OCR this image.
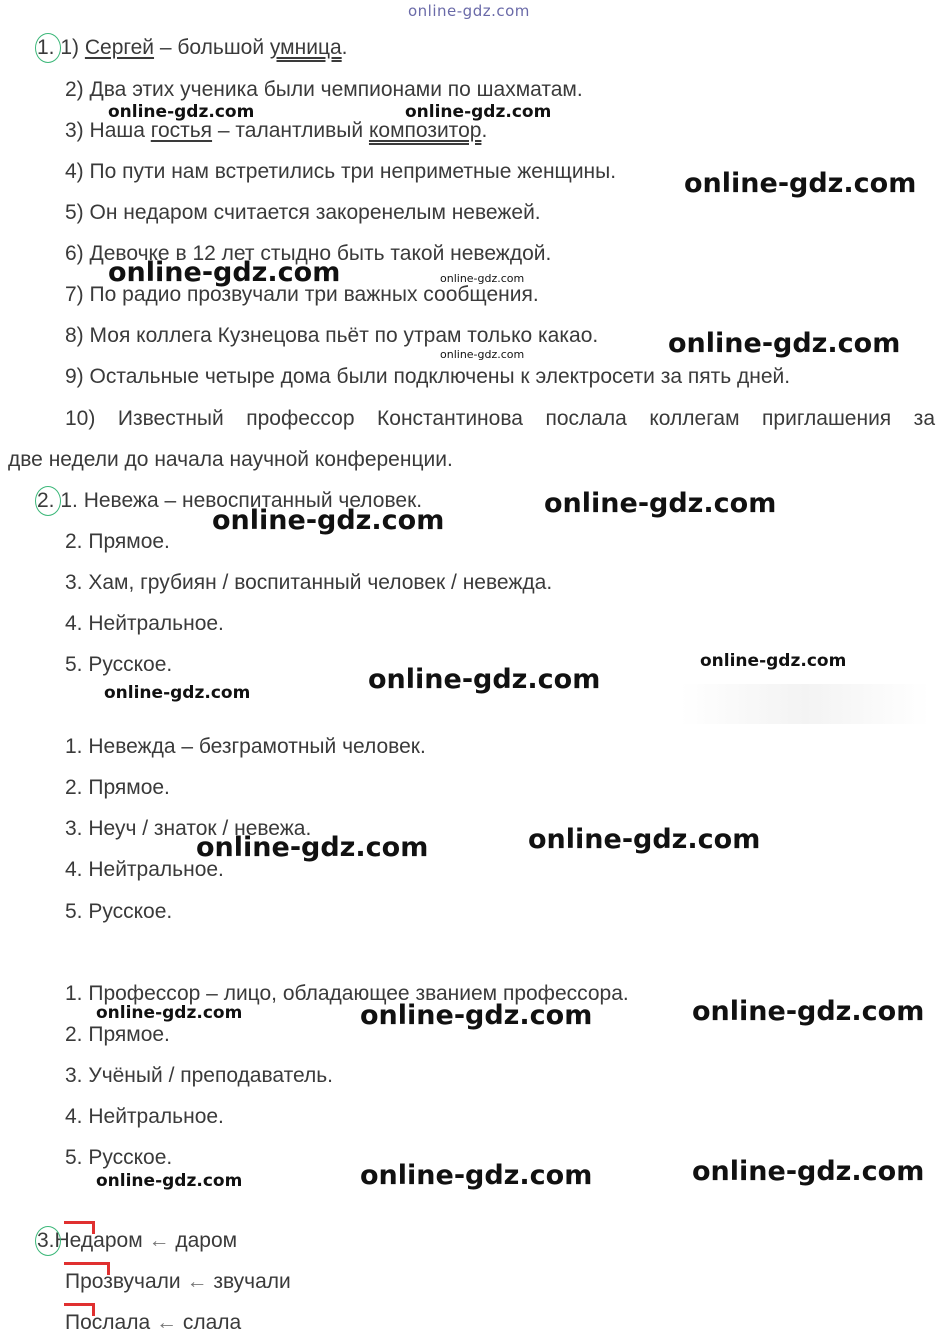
online-gdz.com
1. 1) Сергей – большой умница.
2) Два этих ученика были чемпионами по шахматам.
3) Наша гостья – талантливый композитор.
4) По пути нам встретились три неприметные женщины.
5) Он недаром считается закоренелым невежей.
6) Девочке в 12 лет стыдно быть такой невеждой.
7) По радио прозвучали три важных сообщения.
8) Моя коллега Кузнецова пьёт по утрам только какао.
9) Остальные четыре дома были подключены к электросети за пять дней.
10) Известный профессор Константинова послала коллегам приглашения за
две недели до начала научной конференции.
2. 1. Невежа – невоспитанный человек.
2. Прямое.
3. Хам, грубиян / воспитанный человек / невежда.
4. Нейтральное.
5. Русское.
1. Невежда – безграмотный человек.
2. Прямое.
3. Неуч / знаток / невежа.
4. Нейтральное.
5. Русское.
1. Профессор – лицо, обладающее званием профессора.
2. Прямое.
3. Учёный / преподаватель.
4. Нейтральное.
5. Русское.
3.Недаром ← даром
Прозвучали ← звучали
Послала ← слала
online-gdz.com	online-gdz.com
online-gdz.com
online-gdz.com	online-gdz.com
online-gdz.com
online-gdz.com
online-gdz.com
online-gdz.com
online-gdz.com
online-gdz.com
online-gdz.com
online-gdz.com
online-gdz.com
online-gdz.com	online-gdz.com
online-gdz.com
online-gdz.com
online-gdz.com
online-gdz.com
